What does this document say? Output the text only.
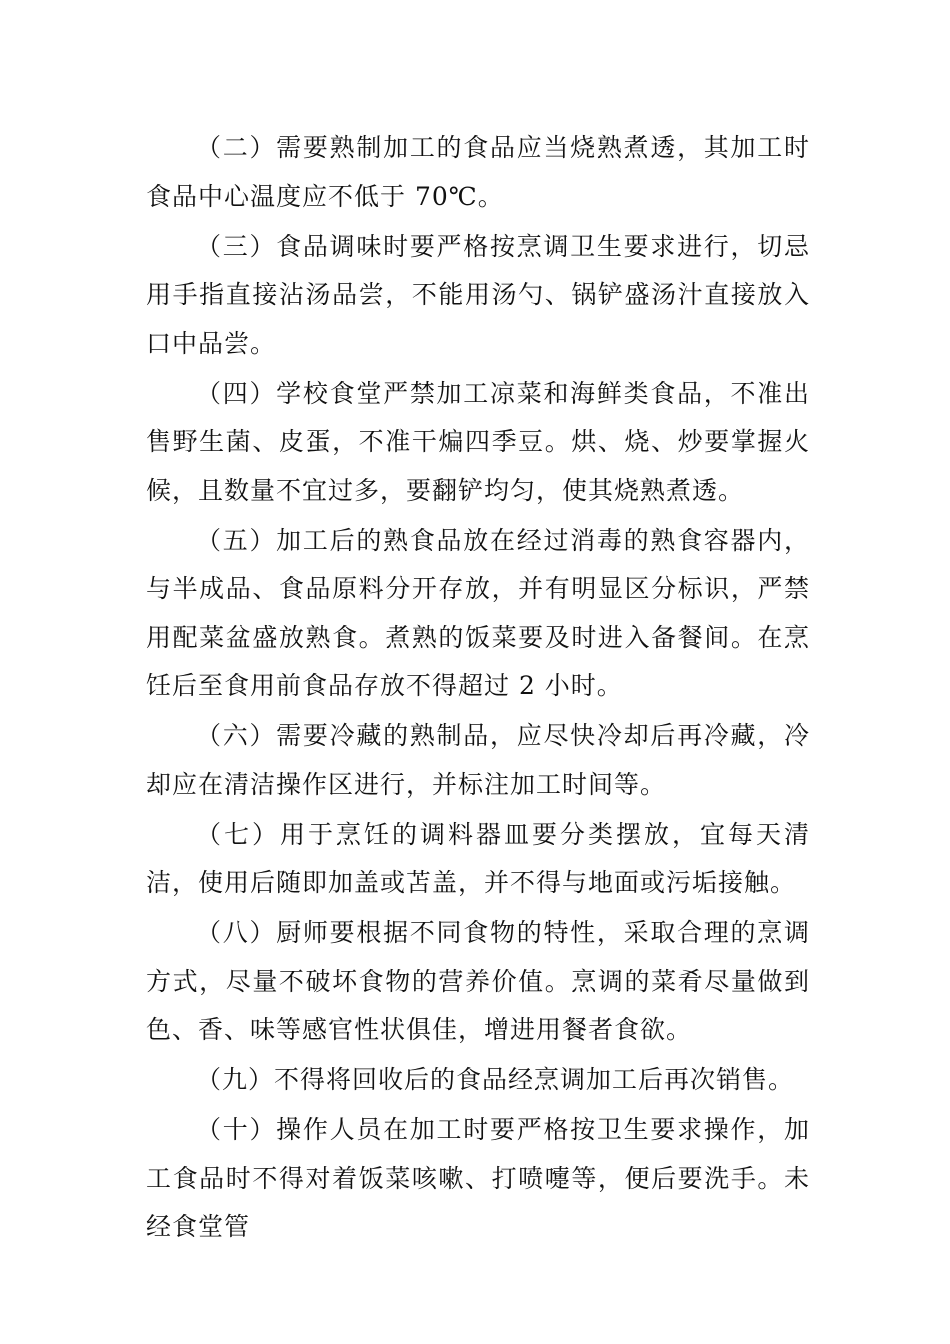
（二）需要熟制加工的食品应当烧熟煮透，其加工时食品中心温度应不低于 70℃。

（三）食品调味时要严格按烹调卫生要求进行，切忌用手指直接沾汤品尝，不能用汤勺、锅铲盛汤汁直接放入口中品尝。

（四）学校食堂严禁加工凉菜和海鲜类食品，不准出售野生菌、皮蛋，不准干煸四季豆。烘、烧、炒要掌握火候，且数量不宜过多，要翻铲均匀，使其烧熟煮透。

（五）加工后的熟食品放在经过消毒的熟食容器内，与半成品、食品原料分开存放，并有明显区分标识，严禁用配菜盆盛放熟食。煮熟的饭菜要及时进入备餐间。在烹饪后至食用前食品存放不得超过 2 小时。

（六）需要冷藏的熟制品，应尽快冷却后再冷藏，冷却应在清洁操作区进行，并标注加工时间等。

（七）用于烹饪的调料器皿要分类摆放，宜每天清洁，使用后随即加盖或苫盖，并不得与地面或污垢接触。

（八）厨师要根据不同食物的特性，采取合理的烹调方式，尽量不破坏食物的营养价值。烹调的菜肴尽量做到色、香、味等感官性状俱佳，增进用餐者食欲。

（九）不得将回收后的食品经烹调加工后再次销售。

（十）操作人员在加工时要严格按卫生要求操作，加工食品时不得对着饭菜咳嗽、打喷嚏等，便后要洗手。未经食堂管
